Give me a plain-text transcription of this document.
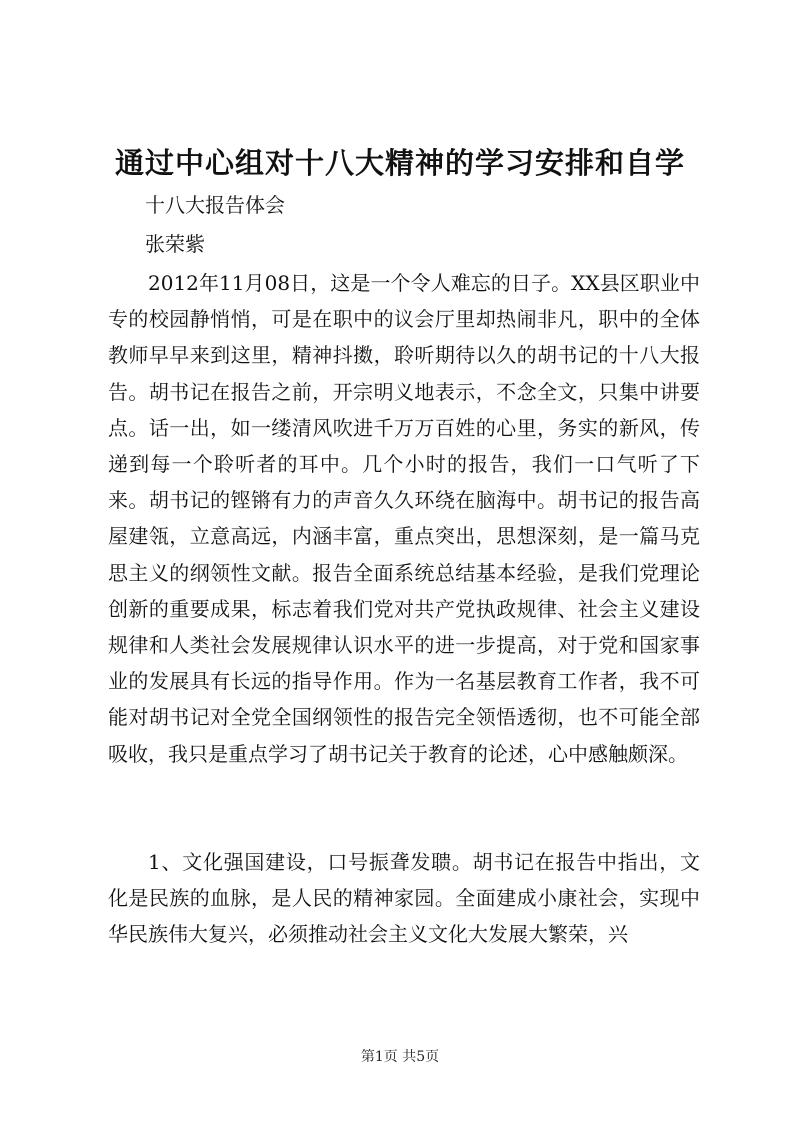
通过中心组对十八大精神的学习安排和自学

十八大报告体会

张荣紫

2012年11月08日，这是一个令人难忘的日子。XX县区职业中专的校园静悄悄，可是在职中的议会厅里却热闹非凡，职中的全体教师早早来到这里，精神抖擞，聆听期待以久的胡书记的十八大报告。胡书记在报告之前，开宗明义地表示，不念全文，只集中讲要点。话一出，如一缕清风吹进千万万百姓的心里，务实的新风，传递到每一个聆听者的耳中。几个小时的报告，我们一口气听了下来。胡书记的铿锵有力的声音久久环绕在脑海中。胡书记的报告高屋建瓴，立意高远，内涵丰富，重点突出，思想深刻，是一篇马克思主义的纲领性文献。报告全面系统总结基本经验，是我们党理论创新的重要成果，标志着我们党对共产党执政规律、社会主义建设规律和人类社会发展规律认识水平的进一步提高，对于党和国家事业的发展具有长远的指导作用。作为一名基层教育工作者，我不可能对胡书记对全党全国纲领性的报告完全领悟透彻，也不可能全部吸收，我只是重点学习了胡书记关于教育的论述，心中感触颇深。

1、文化强国建设，口号振聋发聩。胡书记在报告中指出，文化是民族的血脉，是人民的精神家园。全面建成小康社会，实现中华民族伟大复兴，必须推动社会主义文化大发展大繁荣，兴

第1页 共5页
